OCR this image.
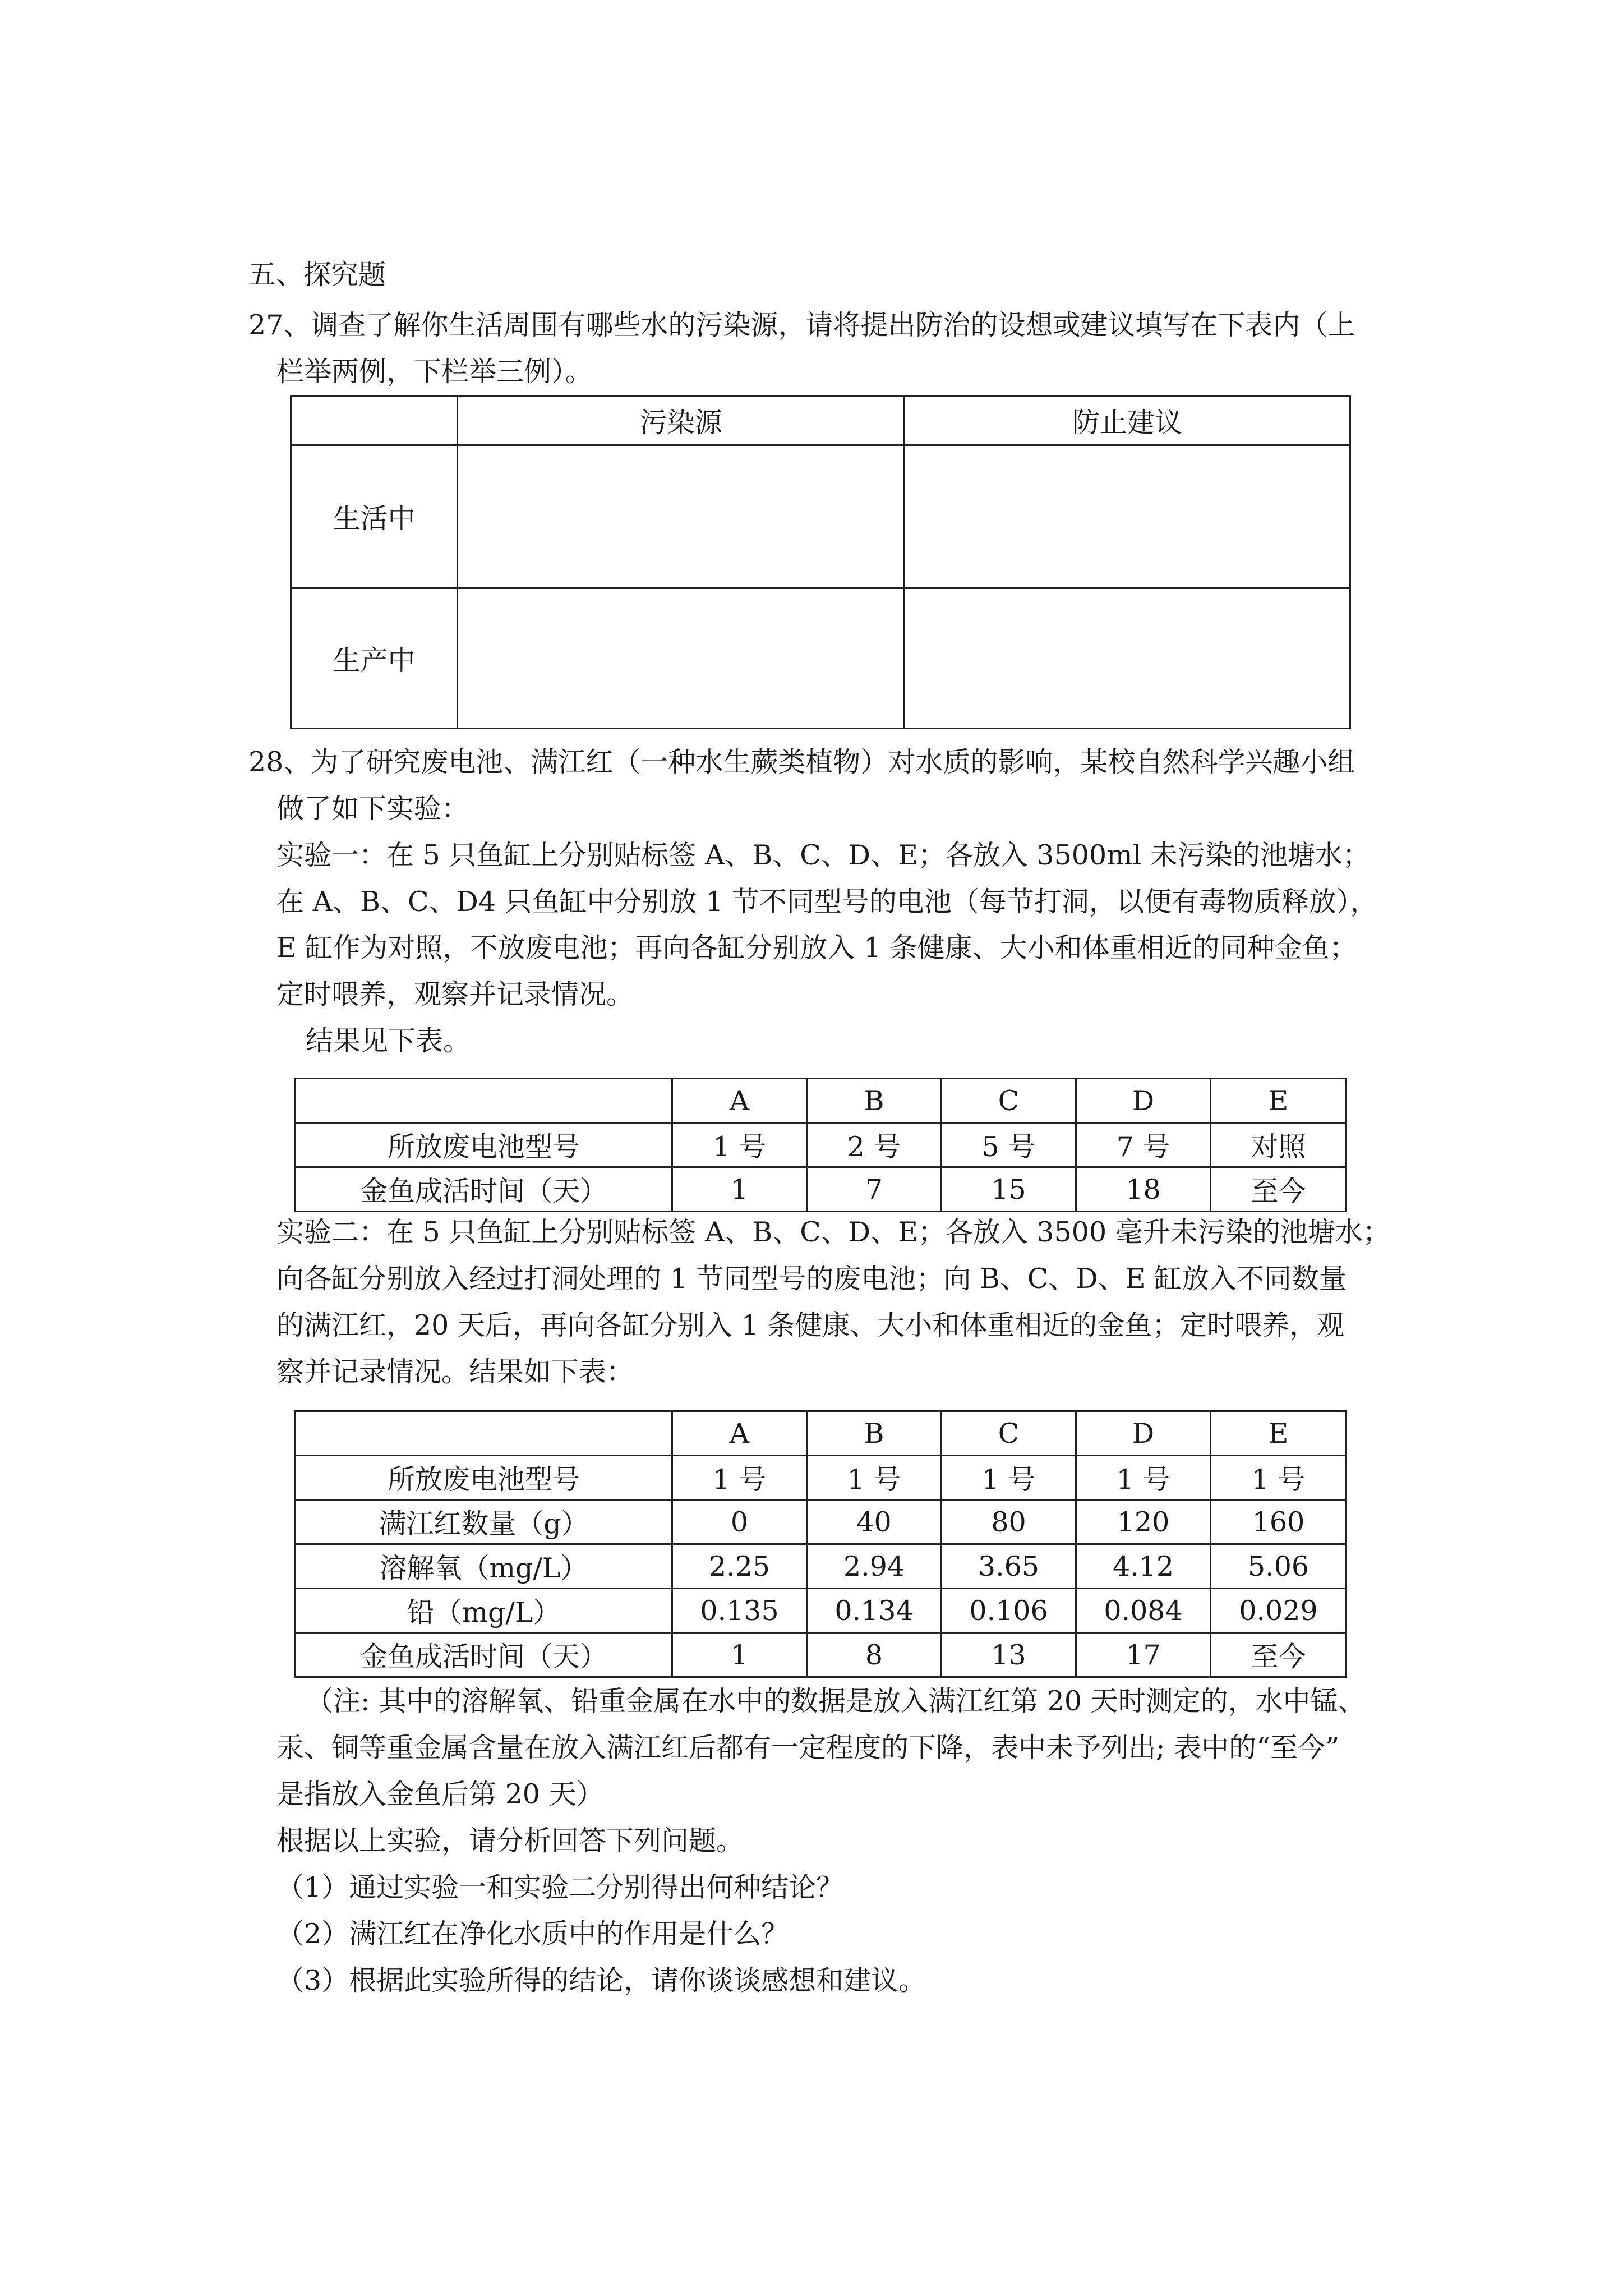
五、探究题
27、调查了解你生活周围有哪些水的污染源，请将提出防治的设想或建议填写在下表内（上
栏举两例，下栏举三例）。
	污染源	防止建议
生活中		
生产中		
28、为了研究废电池、满江红（一种水生蕨类植物）对水质的影响，某校自然科学兴趣小组
做了如下实验：
实验一：在 5 只鱼缸上分别贴标签 A、B、C、D、E；各放入 3500ml 未污染的池塘水；
在 A、B、C、D4 只鱼缸中分别放 1 节不同型号的电池（每节打洞，以便有毒物质释放），
E 缸作为对照，不放废电池；再向各缸分别放入 1 条健康、大小和体重相近的同种金鱼；
定时喂养，观察并记录情况。
结果见下表。
	A	B	C	D	E
所放废电池型号	1 号	2 号	5 号	7 号	对照
金鱼成活时间（天）	1	7	15	18	至今
实验二：在 5 只鱼缸上分别贴标签 A、B、C、D、E；各放入 3500 毫升未污染的池塘水；
向各缸分别放入经过打洞处理的 1 节同型号的废电池；向 B、C、D、E 缸放入不同数量
的满江红，20 天后，再向各缸分别入 1 条健康、大小和体重相近的金鱼；定时喂养，观
察并记录情况。结果如下表：
	A	B	C	D	E
所放废电池型号	1 号	1 号	1 号	1 号	1 号
满江红数量（g）	0	40	80	120	160
溶解氧（mg/L）	2.25	2.94	3.65	4.12	5.06
铅（mg/L）	0.135	0.134	0.106	0.084	0.029
金鱼成活时间（天）	1	8	13	17	至今
（注: 其中的溶解氧、铅重金属在水中的数据是放入满江红第 20 天时测定的，水中锰、
汞、铜等重金属含量在放入满江红后都有一定程度的下降，表中未予列出; 表中的“至今”
是指放入金鱼后第 20 天）
根据以上实验，请分析回答下列问题。
（1）通过实验一和实验二分别得出何种结论？
（2）满江红在净化水质中的作用是什么？
（3）根据此实验所得的结论，请你谈谈感想和建议。
